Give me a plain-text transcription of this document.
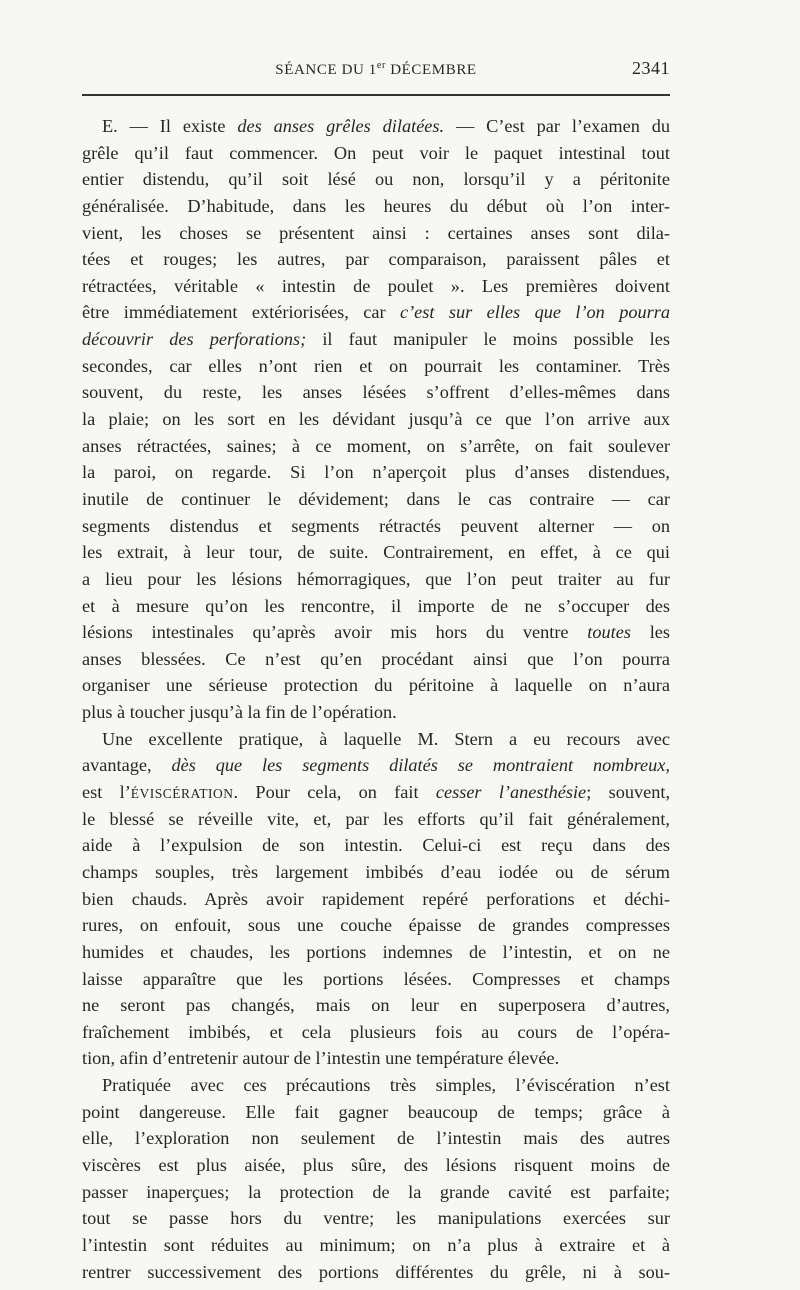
SÉANCE DU 1er DÉCEMBRE	2341
E. — Il existe des anses grêles dilatées. — C’est par l’examen du
grêle qu’il faut commencer. On peut voir le paquet intestinal tout
entier distendu, qu’il soit lésé ou non, lorsqu’il y a péritonite
généralisée. D’habitude, dans les heures du début où l’on inter-
vient, les choses se présentent ainsi : certaines anses sont dila-
tées et rouges; les autres, par comparaison, paraissent pâles et
rétractées, véritable « intestin de poulet ». Les premières doivent
être immédiatement extériorisées, car c’est sur elles que l’on pourra
découvrir des perforations; il faut manipuler le moins possible les
secondes, car elles n’ont rien et on pourrait les contaminer. Très
souvent, du reste, les anses lésées s’offrent d’elles-mêmes dans
la plaie; on les sort en les dévidant jusqu’à ce que l’on arrive aux
anses rétractées, saines; à ce moment, on s’arrête, on fait soulever
la paroi, on regarde. Si l’on n’aperçoit plus d’anses distendues,
inutile de continuer le dévidement; dans le cas contraire — car
segments distendus et segments rétractés peuvent alterner — on
les extrait, à leur tour, de suite. Contrairement, en effet, à ce qui
a lieu pour les lésions hémorragiques, que l’on peut traiter au fur
et à mesure qu’on les rencontre, il importe de ne s’occuper des
lésions intestinales qu’après avoir mis hors du ventre toutes les
anses blessées. Ce n’est qu’en procédant ainsi que l’on pourra
organiser une sérieuse protection du péritoine à laquelle on n’aura
plus à toucher jusqu’à la fin de l’opération.
Une excellente pratique, à laquelle M. Stern a eu recours avec
avantage, dès que les segments dilatés se montraient nombreux,
est l’ÉVISCÉRATION. Pour cela, on fait cesser l’anesthésie; souvent,
le blessé se réveille vite, et, par les efforts qu’il fait généralement,
aide à l’expulsion de son intestin. Celui-ci est reçu dans des
champs souples, très largement imbibés d’eau iodée ou de sérum
bien chauds. Après avoir rapidement repéré perforations et déchi-
rures, on enfouit, sous une couche épaisse de grandes compresses
humides et chaudes, les portions indemnes de l’intestin, et on ne
laisse apparaître que les portions lésées. Compresses et champs
ne seront pas changés, mais on leur en superposera d’autres,
fraîchement imbibés, et cela plusieurs fois au cours de l’opéra-
tion, afin d’entretenir autour de l’intestin une température élevée.
Pratiquée avec ces précautions très simples, l’éviscération n’est
point dangereuse. Elle fait gagner beaucoup de temps; grâce à
elle, l’exploration non seulement de l’intestin mais des autres
viscères est plus aisée, plus sûre, des lésions risquent moins de
passer inaperçues; la protection de la grande cavité est parfaite;
tout se passe hors du ventre; les manipulations exercées sur
l’intestin sont réduites au minimum; on n’a plus à extraire et à
rentrer successivement des portions différentes du grêle, ni à sou-
